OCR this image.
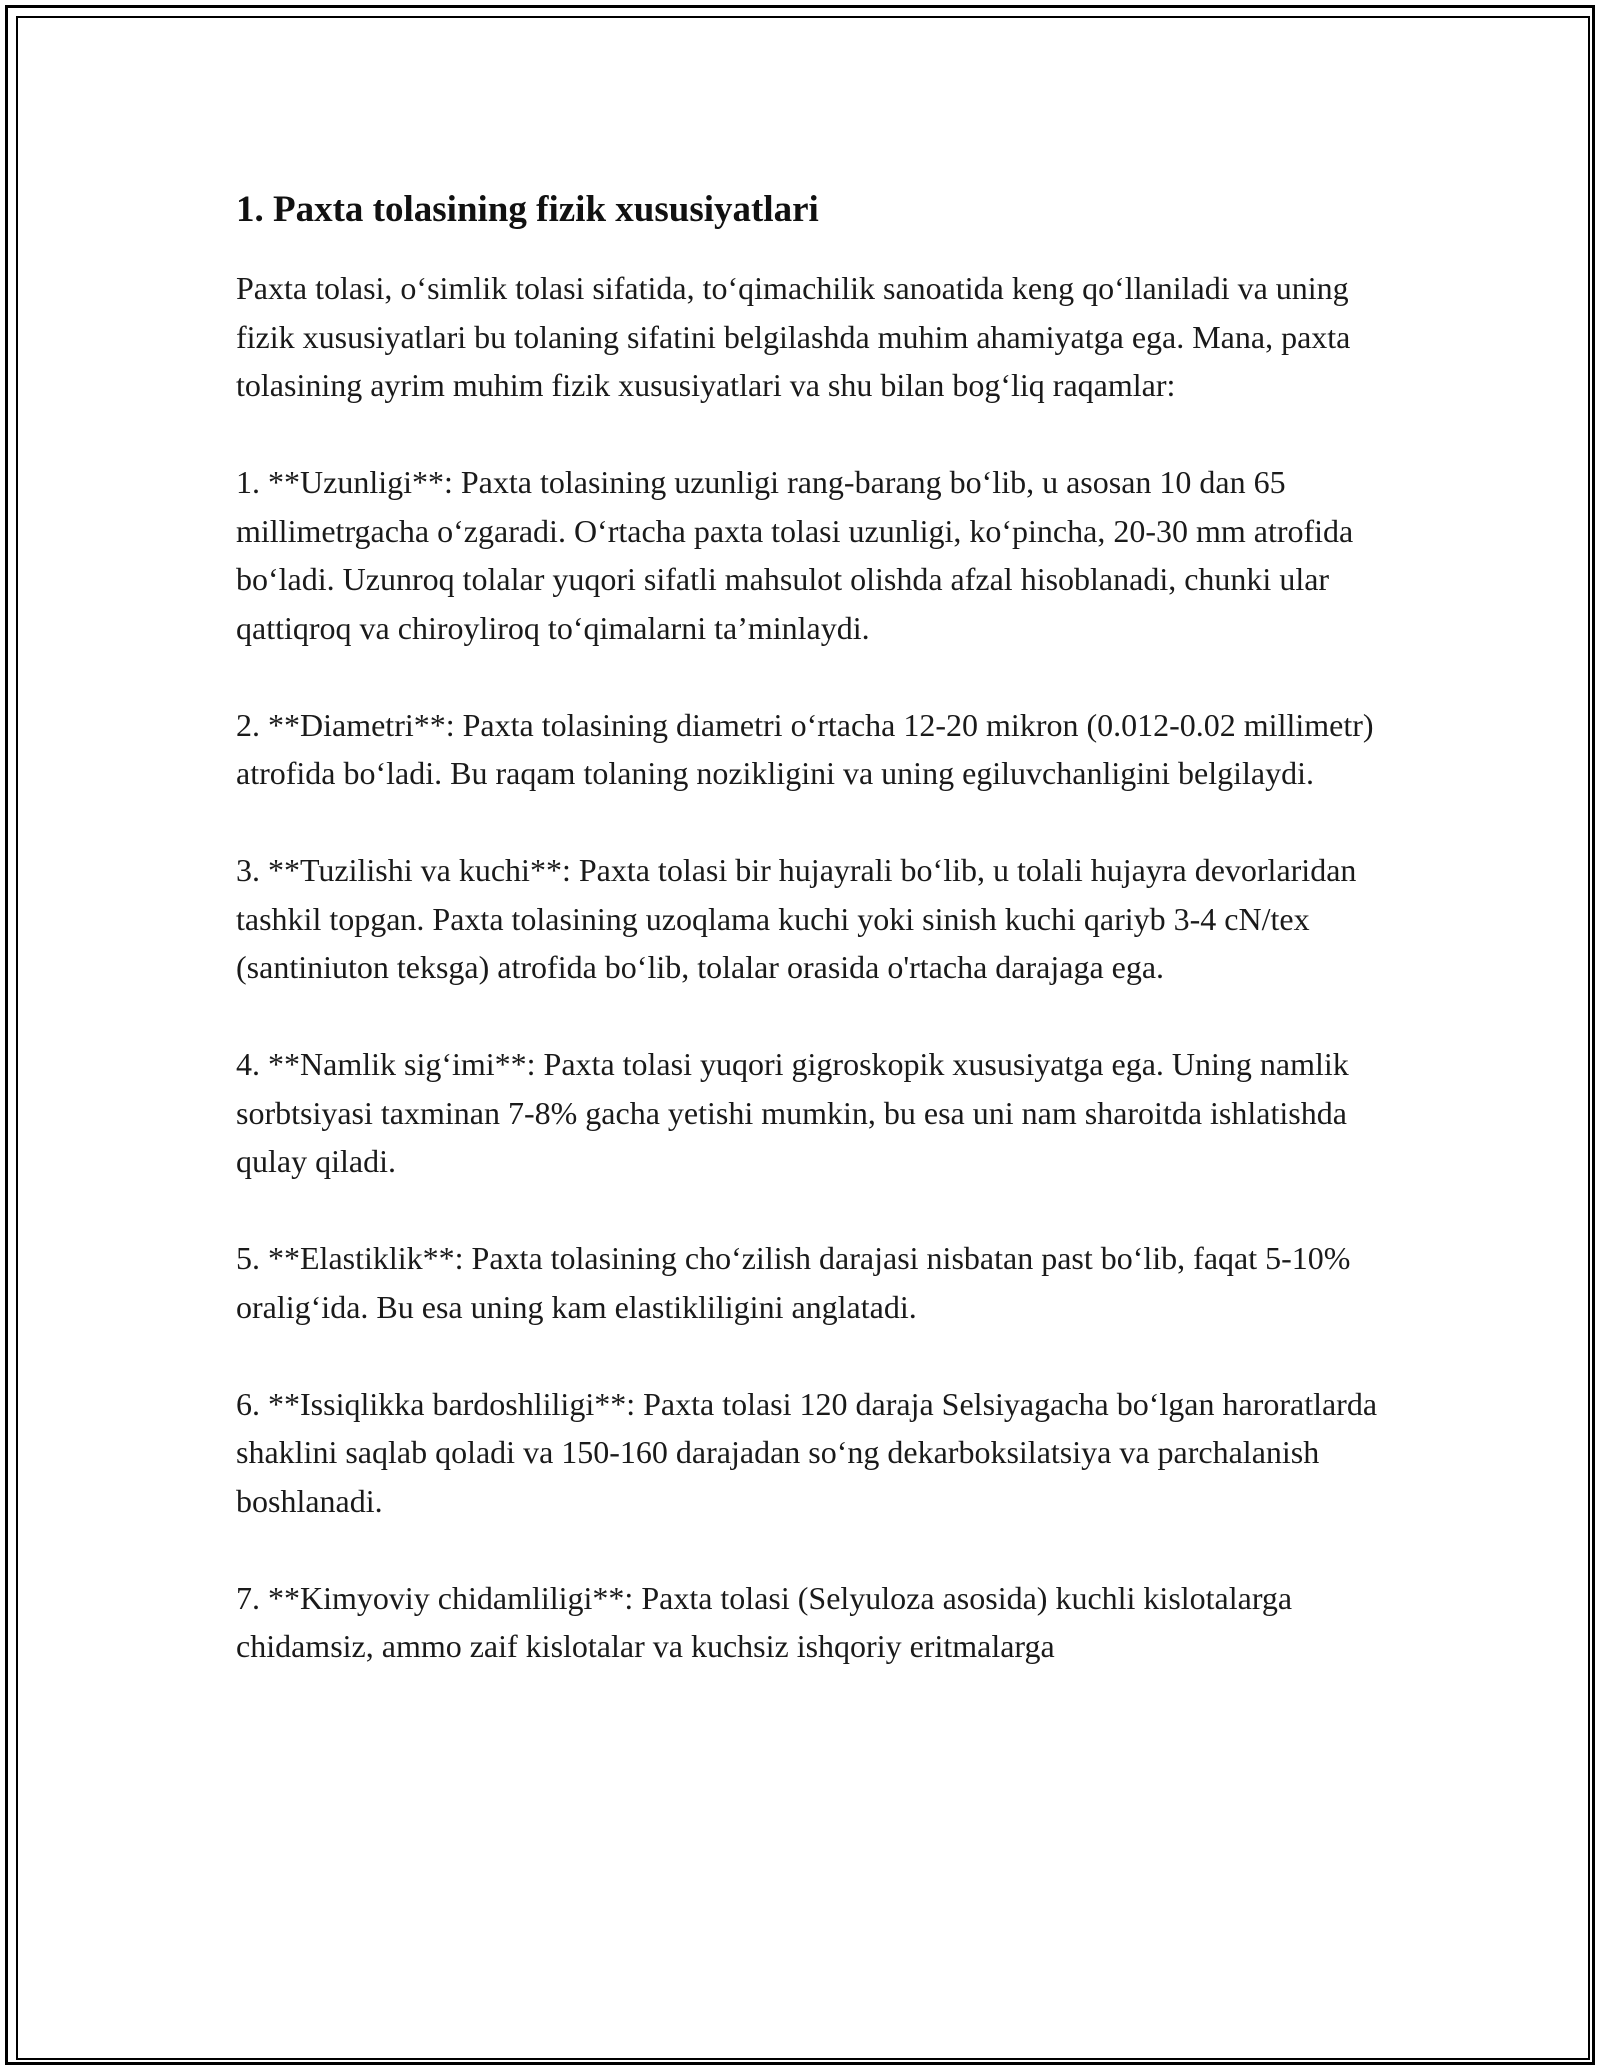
1. Paxta tolasining fizik xususiyatlari

Paxta tolasi, o‘simlik tolasi sifatida, to‘qimachilik sanoatida keng qo‘llaniladi va uning fizik xususiyatlari bu tolaning sifatini belgilashda muhim ahamiyatga ega. Mana, paxta tolasining ayrim muhim fizik xususiyatlari va shu bilan bog‘liq raqamlar:

1. **Uzunligi**: Paxta tolasining uzunligi rang-barang bo‘lib, u asosan 10 dan 65 millimetrgacha o‘zgaradi. O‘rtacha paxta tolasi uzunligi, ko‘pincha, 20-30 mm atrofida bo‘ladi. Uzunroq tolalar yuqori sifatli mahsulot olishda afzal hisoblanadi, chunki ular qattiqroq va chiroyliroq to‘qimalarni ta’minlaydi.

2. **Diametri**: Paxta tolasining diametri o‘rtacha 12-20 mikron (0.012-0.02 millimetr) atrofida bo‘ladi. Bu raqam tolaning nozikligini va uning egiluvchanligini belgilaydi.

3. **Tuzilishi va kuchi**: Paxta tolasi bir hujayrali bo‘lib, u tolali hujayra devorlaridan tashkil topgan. Paxta tolasining uzoqlama kuchi yoki sinish kuchi qariyb 3-4 cN/tex (santiniuton teksga) atrofida bo‘lib, tolalar orasida o'rtacha darajaga ega.

4. **Namlik sig‘imi**: Paxta tolasi yuqori gigroskopik xususiyatga ega. Uning namlik sorbtsiyasi taxminan 7-8% gacha yetishi mumkin, bu esa uni nam sharoitda ishlatishda qulay qiladi.

5. **Elastiklik**: Paxta tolasining cho‘zilish darajasi nisbatan past bo‘lib, faqat 5-10% oralig‘ida. Bu esa uning kam elastikliligini anglatadi.

6. **Issiqlikka bardoshliligi**: Paxta tolasi 120 daraja Selsiyagacha bo‘lgan haroratlarda shaklini saqlab qoladi va 150-160 darajadan so‘ng dekarboksilatsiya va parchalanish boshlanadi.

7. **Kimyoviy chidamliligi**: Paxta tolasi (Selyuloza asosida) kuchli kislotalarga chidamsiz, ammo zaif kislotalar va kuchsiz ishqoriy eritmalarga
